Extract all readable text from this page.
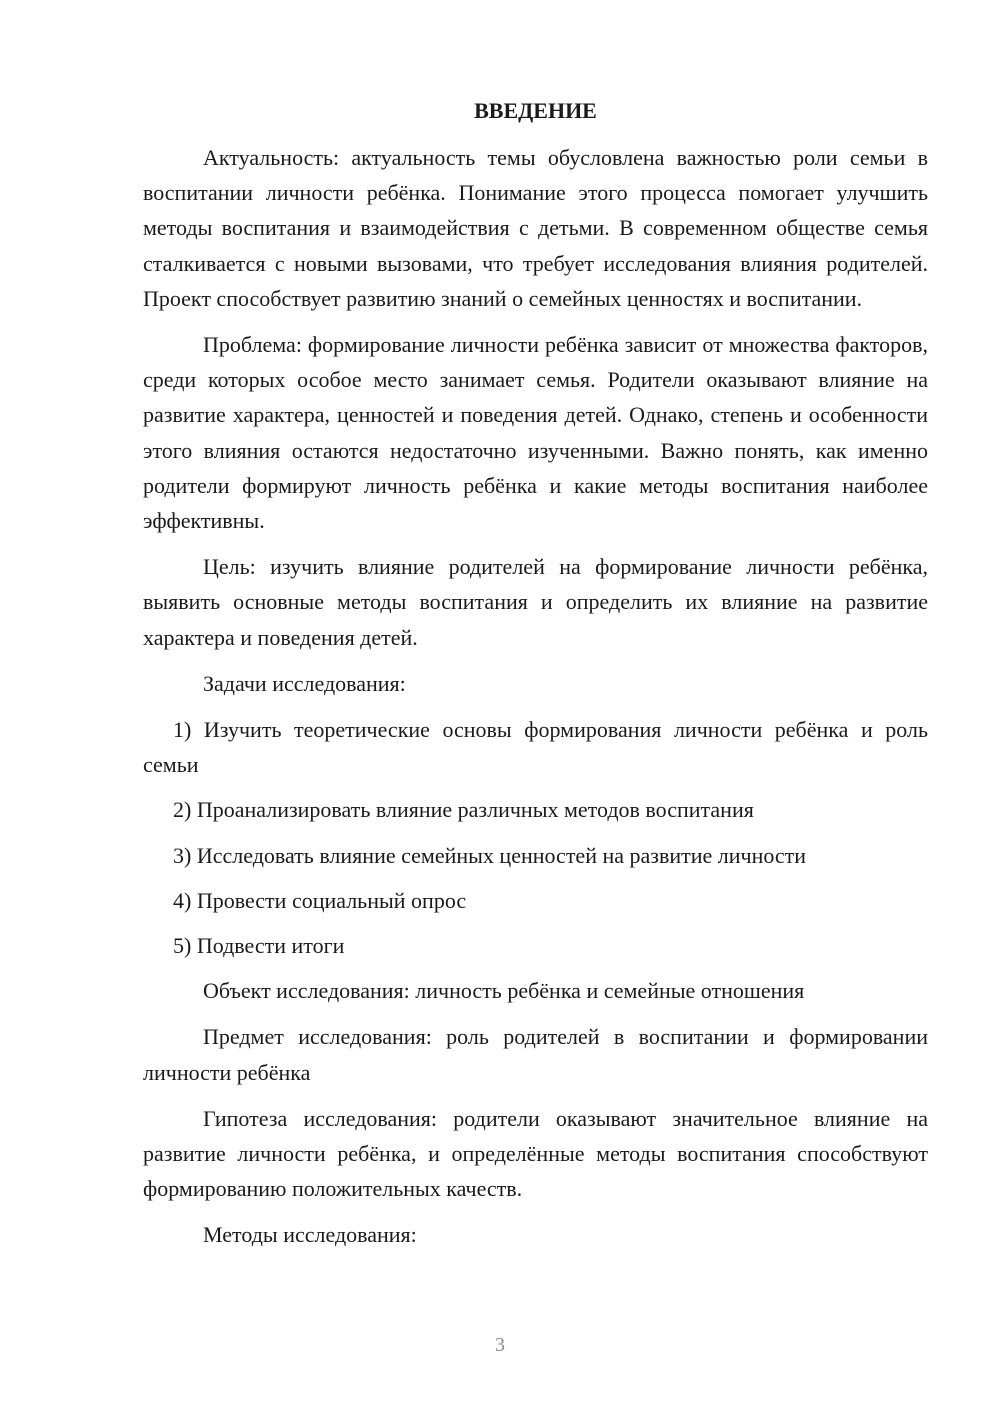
ВВЕДЕНИЕ

Актуальность: актуальность темы обусловлена важностью роли семьи в воспитании личности ребёнка. Понимание этого процесса помогает улучшить методы воспитания и взаимодействия с детьми. В современном обществе семья сталкивается с новыми вызовами, что требует исследования влияния родителей. Проект способствует развитию знаний о семейных ценностях и воспитании.

Проблема: формирование личности ребёнка зависит от множества факторов, среди которых особое место занимает семья. Родители оказывают влияние на развитие характера, ценностей и поведения детей. Однако, степень и особенности этого влияния остаются недостаточно изученными. Важно понять, как именно родители формируют личность ребёнка и какие методы воспитания наиболее эффективны.

Цель: изучить влияние родителей на формирование личности ребёнка, выявить основные методы воспитания и определить их влияние на развитие характера и поведения детей.

Задачи исследования:

1) Изучить теоретические основы формирования личности ребёнка и роль семьи

2) Проанализировать влияние различных методов воспитания

3) Исследовать влияние семейных ценностей на развитие личности

4) Провести социальный опрос

5) Подвести итоги

Объект исследования: личность ребёнка и семейные отношения

Предмет исследования: роль родителей в воспитании и формировании личности ребёнка

Гипотеза исследования: родители оказывают значительное влияние на развитие личности ребёнка, и определённые методы воспитания способствуют формированию положительных качеств.

Методы исследования:

3
